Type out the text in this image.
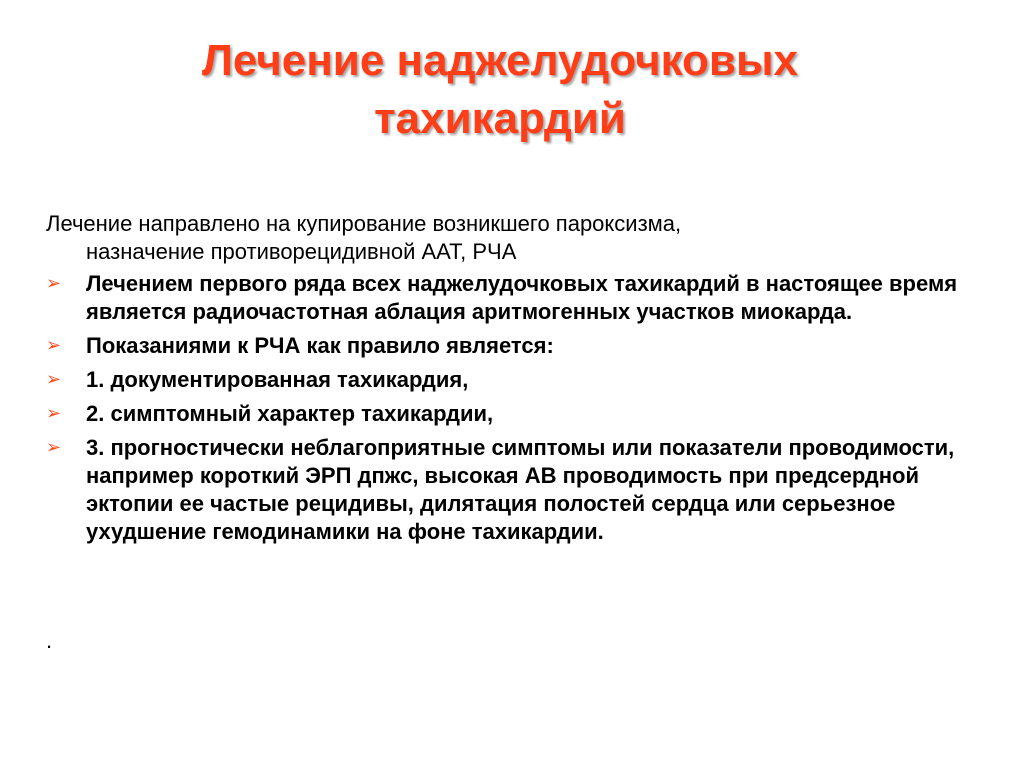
Лечение наджелудочковых
тахикардий

Лечение направлено на купирование возникшего пароксизма,
назначение противорецидивной ААТ, РЧА

➢	Лечением первого ряда всех наджелудочковых тахикардий в настоящее время является радиочастотная аблация аритмогенных участков миокарда.
➢	Показаниями к РЧА как правило является:
➢	1. документированная тахикардия,
➢	2. симптомный характер тахикардии,
➢	3. прогностически неблагоприятные симптомы или показатели проводимости, например короткий ЭРП дпжс, высокая АВ проводимость при предсердной эктопии ее частые рецидивы, дилятация полостей сердца или серьезное ухудшение гемодинамики на фоне тахикардии.
.
